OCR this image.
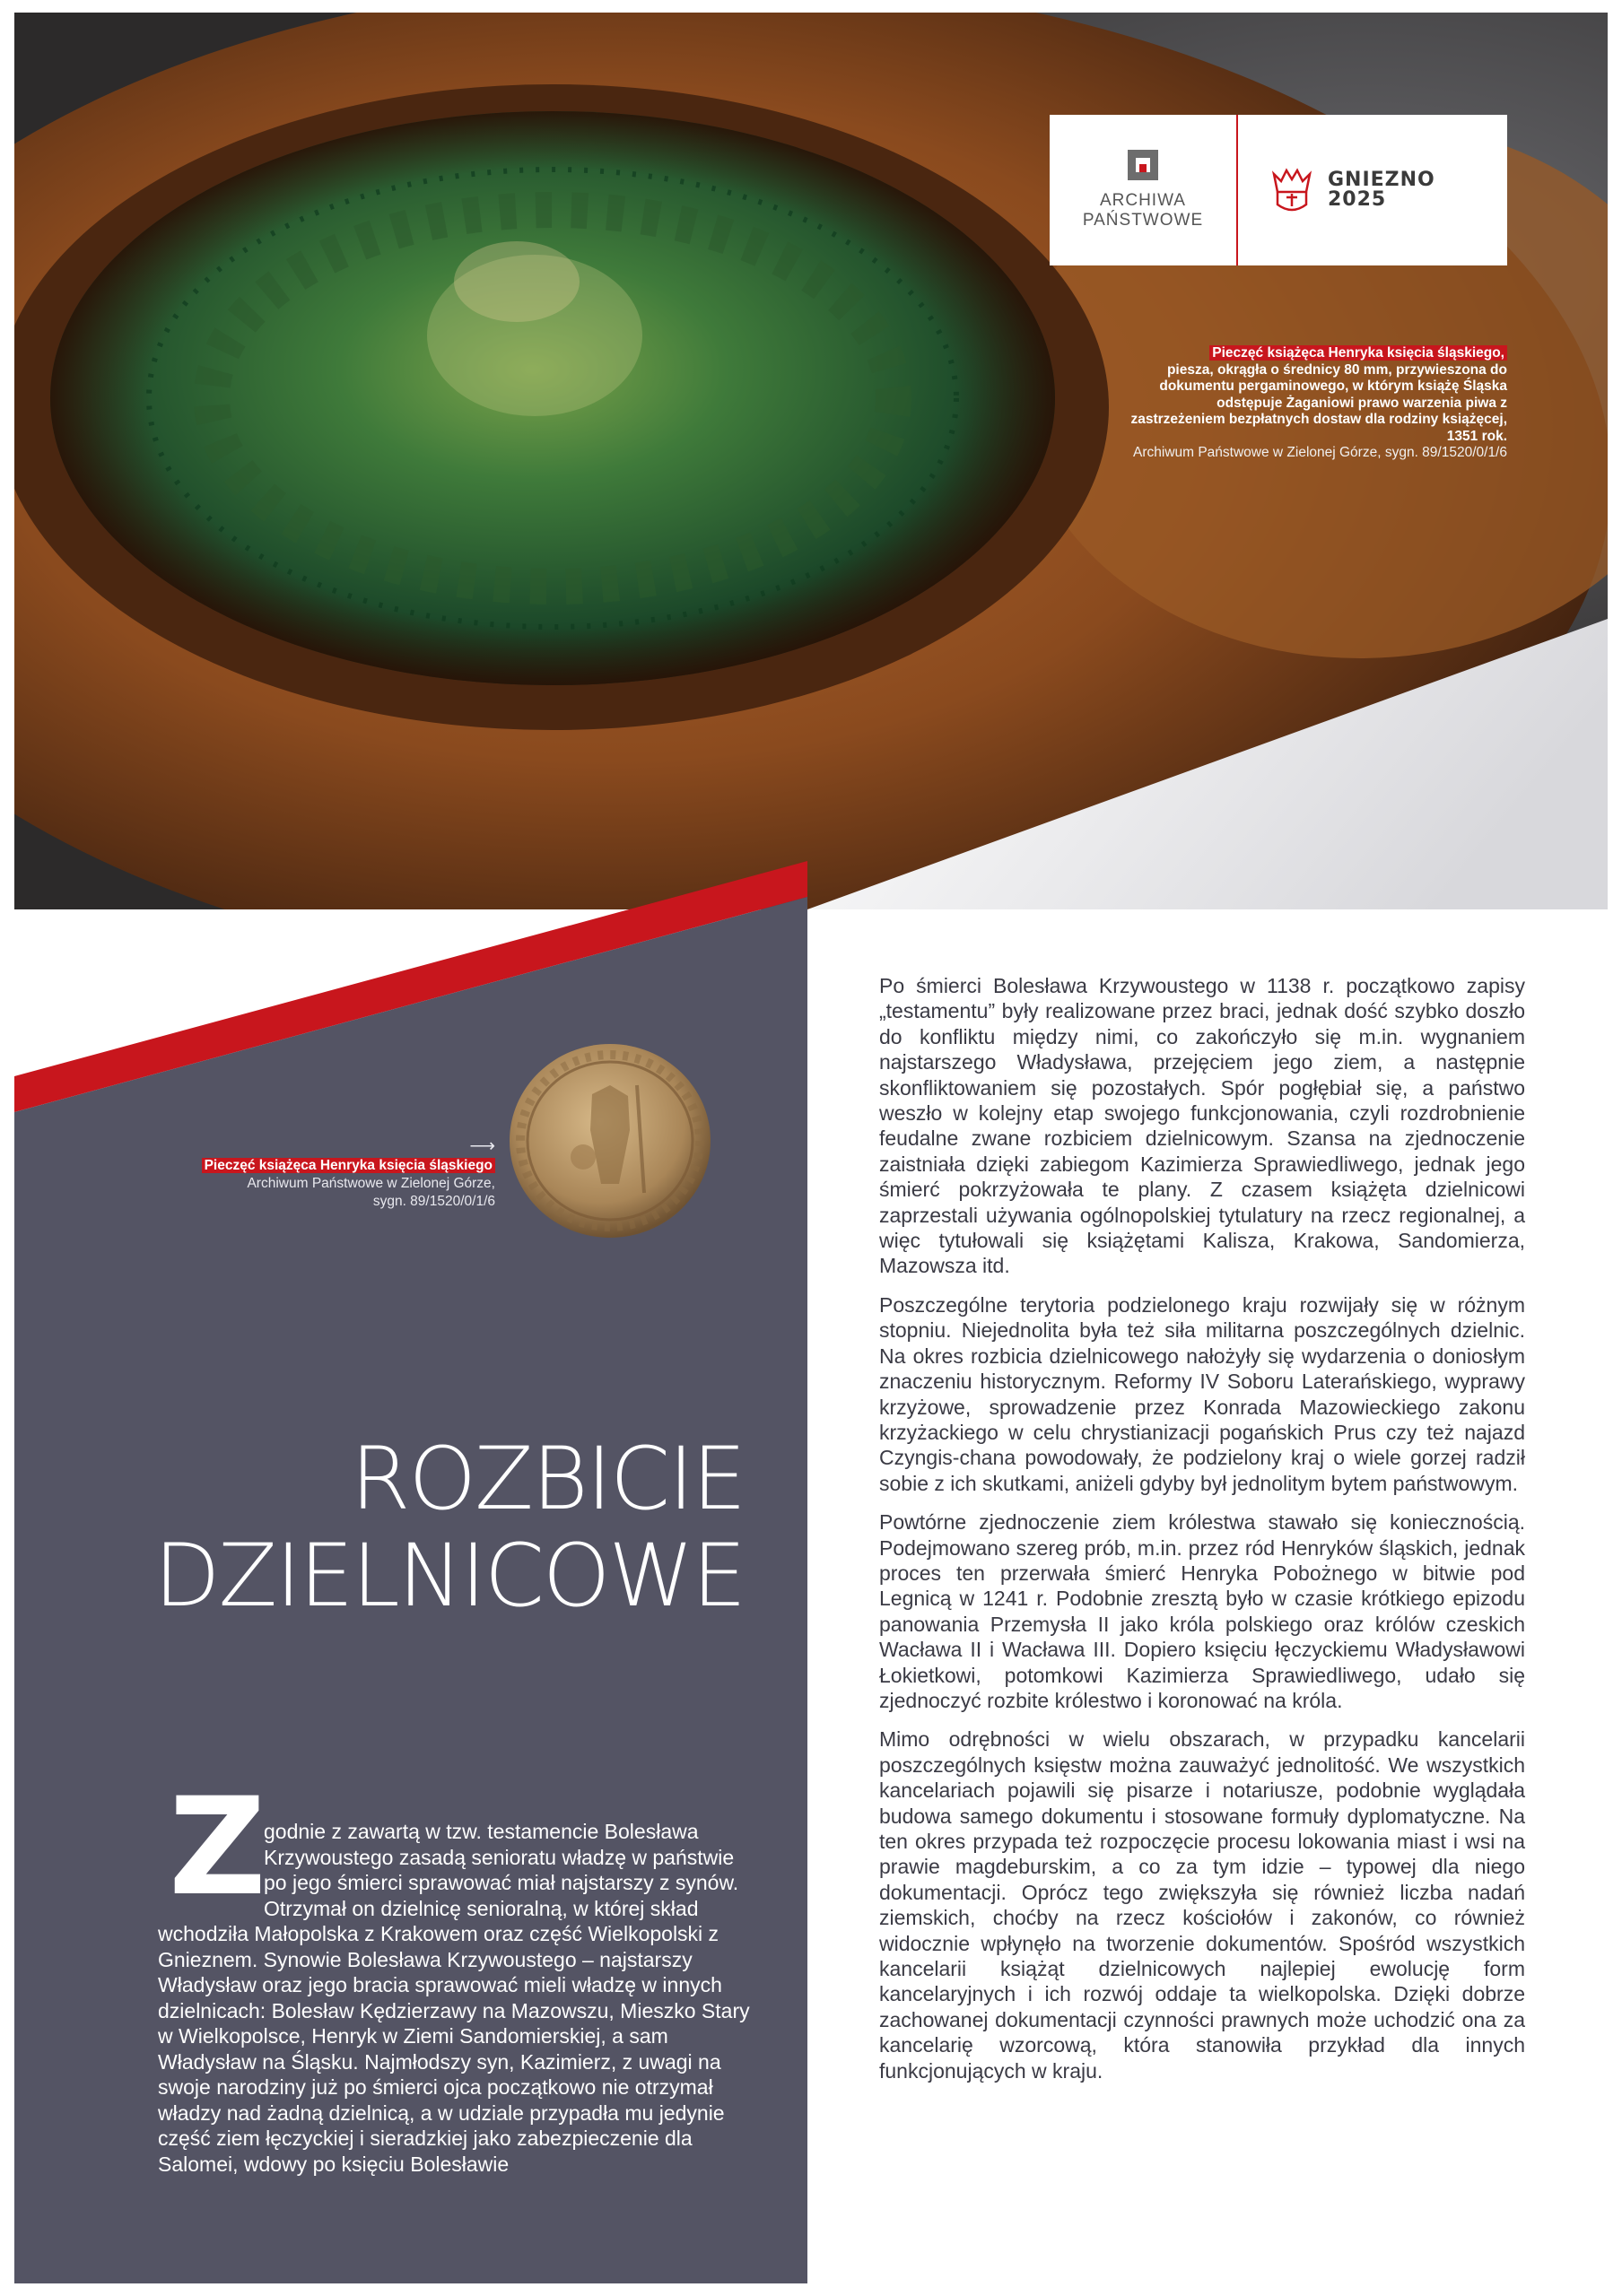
ARCHIWA
PAŃSTWOWE
GNIEZNO
2025
Pieczęć książęca Henryka księcia śląskiego,
piesza, okrągła o średnicy 80 mm, przywieszona do dokumentu pergaminowego, w którym książę Śląska odstępuje Żaganiowi prawo warzenia piwa z zastrzeżeniem bezpłatnych dostaw dla rodziny książęcej, 1351 rok.
Archiwum Państwowe w Zielonej Górze, sygn. 89/1520/0/1/6
⟶
Pieczęć książęca Henryka księcia śląskiego
Archiwum Państwowe w Zielonej Górze,
sygn. 89/1520/0/1/6
ROZBICIE
DZIELNICOWE
Z
godnie z zawartą w tzw. testamencie Bolesława
Krzywoustego zasadą senioratu władzę w państwie
po jego śmierci sprawować miał najstarszy z synów.
Otrzymał on dzielnicę senioralną, w której skład
wchodziła Małopolska z Krakowem oraz część Wielkopolski z Gnieznem. Synowie Bolesława Krzywoustego – najstarszy Władysław oraz jego bracia sprawować mieli władzę w innych dzielnicach: Bolesław Kędzierzawy na Mazowszu, Mieszko Stary w Wielkopolsce, Henryk w Ziemi Sandomierskiej, a sam Władysław na Śląsku. Najmłodszy syn, Kazimierz, z uwagi na swoje narodziny już po śmierci ojca początkowo nie otrzymał władzy nad żadną dzielnicą, a w udziale przypadła mu jedynie część ziem łęczyckiej i sieradzkiej jako zabezpieczenie dla Salomei, wdowy po księciu Bolesławie

Po śmierci Bolesława Krzywoustego w 1138 r. początkowo zapisy „testamentu” były realizowane przez braci, jednak dość szybko doszło do konfliktu między nimi, co zakończyło się m.in. wygnaniem najstarszego Władysława, przejęciem jego ziem, a następnie skonfliktowaniem się pozostałych. Spór pogłębiał się, a państwo weszło w kolejny etap swojego funkcjonowania, czyli rozdrobnienie feudalne zwane rozbiciem dzielnicowym. Szansa na zjednoczenie zaistniała dzięki zabiegom Kazimierza Sprawiedliwego, jednak jego śmierć pokrzyżowała te plany. Z czasem książęta dzielnicowi zaprzestali używania ogólnopolskiej tytulatury na rzecz regionalnej, a więc tytułowali się książętami Kalisza, Krakowa, Sandomierza, Mazowsza itd.

Poszczególne terytoria podzielonego kraju rozwijały się w różnym stopniu. Niejednolita była też siła militarna poszczególnych dzielnic. Na okres rozbicia dzielnicowego nałożyły się wydarzenia o doniosłym znaczeniu historycznym. Reformy IV Soboru Laterańskiego, wyprawy krzyżowe, sprowadzenie przez Konrada Mazowieckiego zakonu krzyżackiego w celu chrystianizacji pogańskich Prus czy też najazd Czyngis-chana powodowały, że podzielony kraj o wiele gorzej radził sobie z ich skutkami, aniżeli gdyby był jednolitym bytem państwowym.

Powtórne zjednoczenie ziem królestwa stawało się koniecznością. Podejmowano szereg prób, m.in. przez ród Henryków śląskich, jednak proces ten przerwała śmierć Henryka Pobożnego w bitwie pod Legnicą w 1241 r. Podobnie zresztą było w czasie krótkiego epizodu panowania Przemysła II jako króla polskiego oraz królów czeskich Wacława II i Wacława III. Dopiero księciu łęczyckiemu Władysławowi Łokietkowi, potomkowi Kazimierza Sprawiedliwego, udało się zjednoczyć rozbite królestwo i koronować na króla.

Mimo odrębności w wielu obszarach, w przypadku kancelarii poszczególnych księstw można zauważyć jednolitość. We wszystkich kancelariach pojawili się pisarze i notariusze, podobnie wyglądała budowa samego dokumentu i stosowane formuły dyplomatyczne. Na ten okres przypada też rozpoczęcie procesu lokowania miast i wsi na prawie magdeburskim, a co za tym idzie – typowej dla niego dokumentacji. Oprócz tego zwiększyła się również liczba nadań ziemskich, choćby na rzecz kościołów i zakonów, co również widocznie wpłynęło na tworzenie dokumentów. Spośród wszystkich kancelarii książąt dzielnicowych najlepiej ewolucję form kancelaryjnych i ich rozwój oddaje ta wielkopolska. Dzięki dobrze zachowanej dokumentacji czynności prawnych może uchodzić ona za kancelarię wzorcową, która stanowiła przykład dla innych funkcjonujących w kraju.
